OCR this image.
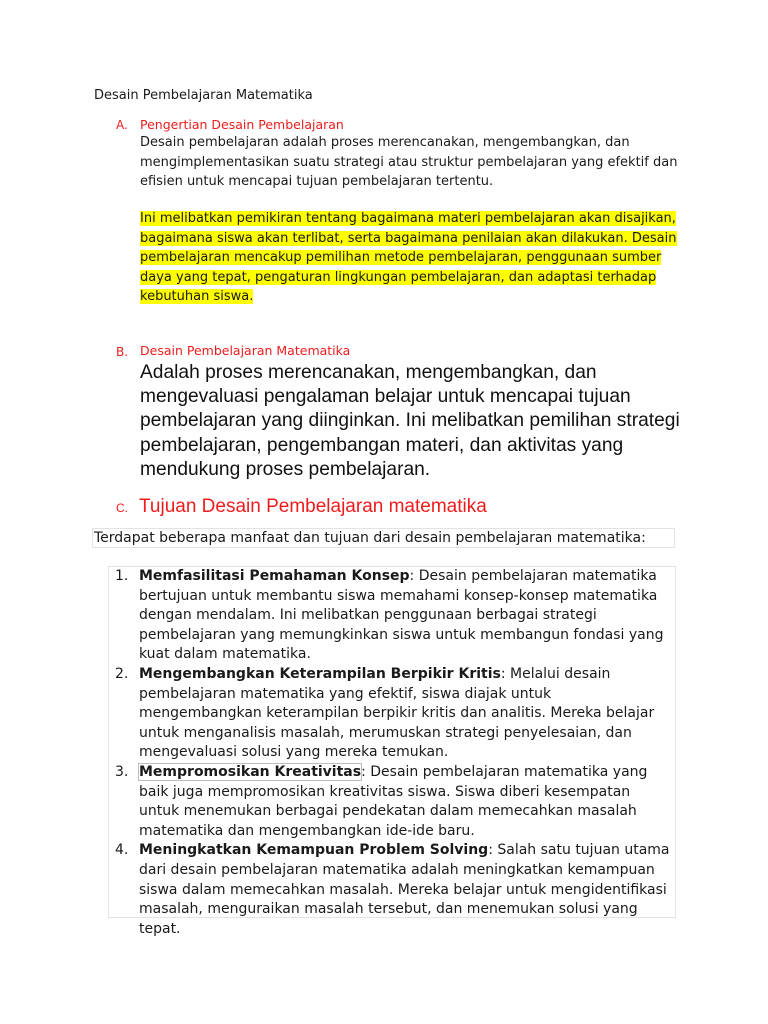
Desain Pembelajaran Matematika
A. Pengertian Desain Pembelajaran
Desain pembelajaran adalah proses merencanakan, mengembangkan, dan mengimplementasikan suatu strategi atau struktur pembelajaran yang efektif dan efisien untuk mencapai tujuan pembelajaran tertentu.
Ini melibatkan pemikiran tentang bagaimana materi pembelajaran akan disajikan, bagaimana siswa akan terlibat, serta bagaimana penilaian akan dilakukan. Desain pembelajaran mencakup pemilihan metode pembelajaran, penggunaan sumber daya yang tepat, pengaturan lingkungan pembelajaran, dan adaptasi terhadap kebutuhan siswa.
B. Desain Pembelajaran Matematika
Adalah proses merencanakan, mengembangkan, dan mengevaluasi pengalaman belajar untuk mencapai tujuan pembelajaran yang diinginkan. Ini melibatkan pemilihan strategi pembelajaran, pengembangan materi, dan aktivitas yang mendukung proses pembelajaran.
C. Tujuan Desain Pembelajaran matematika
Terdapat beberapa manfaat dan tujuan dari desain pembelajaran matematika:
1. Memfasilitasi Pemahaman Konsep: Desain pembelajaran matematika bertujuan untuk membantu siswa memahami konsep-konsep matematika dengan mendalam. Ini melibatkan penggunaan berbagai strategi pembelajaran yang memungkinkan siswa untuk membangun fondasi yang kuat dalam matematika.
2. Mengembangkan Keterampilan Berpikir Kritis: Melalui desain pembelajaran matematika yang efektif, siswa diajak untuk mengembangkan keterampilan berpikir kritis dan analitis. Mereka belajar untuk menganalisis masalah, merumuskan strategi penyelesaian, dan mengevaluasi solusi yang mereka temukan.
3. Mempromosikan Kreativitas: Desain pembelajaran matematika yang baik juga mempromosikan kreativitas siswa. Siswa diberi kesempatan untuk menemukan berbagai pendekatan dalam memecahkan masalah matematika dan mengembangkan ide-ide baru.
4. Meningkatkan Kemampuan Problem Solving: Salah satu tujuan utama dari desain pembelajaran matematika adalah meningkatkan kemampuan siswa dalam memecahkan masalah. Mereka belajar untuk mengidentifikasi masalah, menguraikan masalah tersebut, dan menemukan solusi yang tepat.
